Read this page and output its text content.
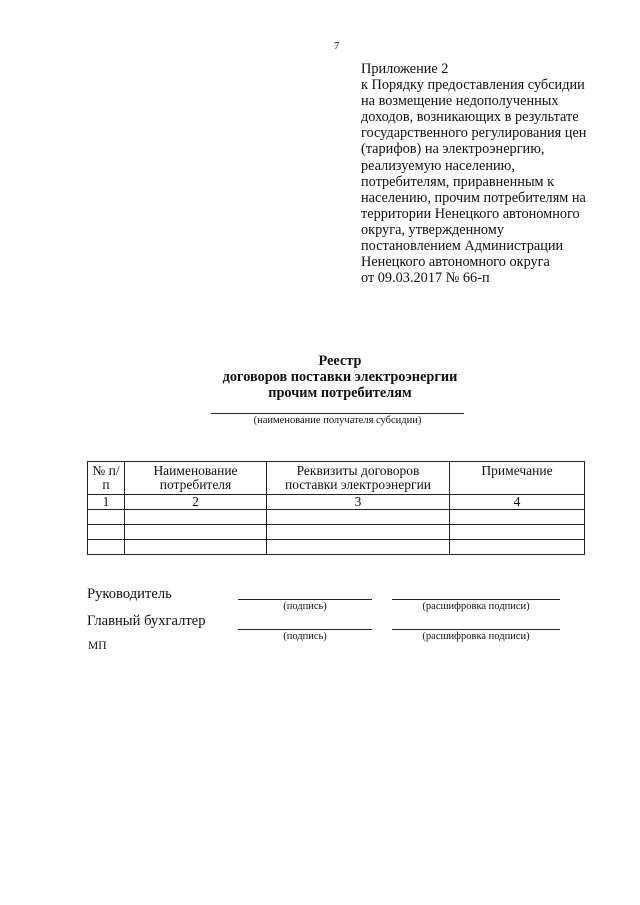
7
Приложение 2
к Порядку предоставления субсидии
на возмещение недополученных
доходов, возникающих в результате
государственного регулирования цен
(тарифов) на электроэнергию,
реализуемую населению,
потребителям, приравненным к
населению, прочим потребителям на
территории Ненецкого автономного
округа, утвержденному
постановлением Администрации
Ненецкого автономного округа
от 09.03.2017 № 66-п
Реестр
договоров поставки электроэнергии
прочим потребителям
(наименование получателя субсидии)
№ п/п	Наименование потребителя	Реквизиты договоров поставки электроэнергии	Примечание
1	2	3	4

Руководитель
(подпись)	(расшифровка подписи)
Главный бухгалтер
(подпись)	(расшифровка подписи)
МП
